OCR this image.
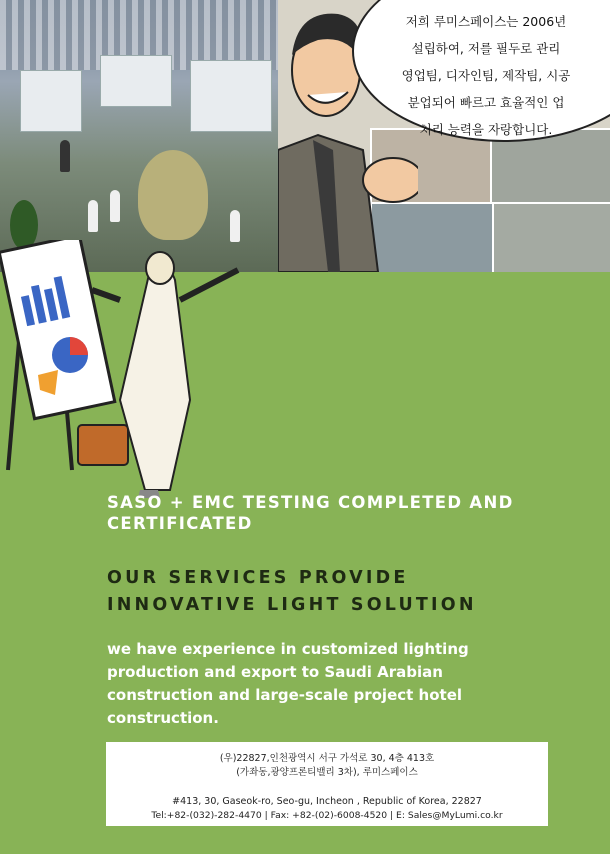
저희 루미스페이스는 2006년
설립하여, 저를 필두로 관리
영업팀, 디자인팀, 제작팀, 시공
분업되어 빠르고 효율적인 업
처리 능력을 자랑합니다.
SASO + EMC TESTING COMPLETED AND CERTIFICATED
OUR SERVICES PROVIDE
INNOVATIVE LIGHT SOLUTION
we have experience in customized lighting production and export to Saudi Arabian construction and large-scale project hotel construction.
(우)22827,인천광역시 서구 가석로 30, 4층 413호
(가좌동,광양프론티밸리 3차), 루미스페이스
#413, 30, Gaseok-ro, Seo-gu, Incheon , Republic of Korea, 22827
Tel:+82-(032)-282-4470 | Fax: +82-(02)-6008-4520 | E: Sales@MyLumi.co.kr
